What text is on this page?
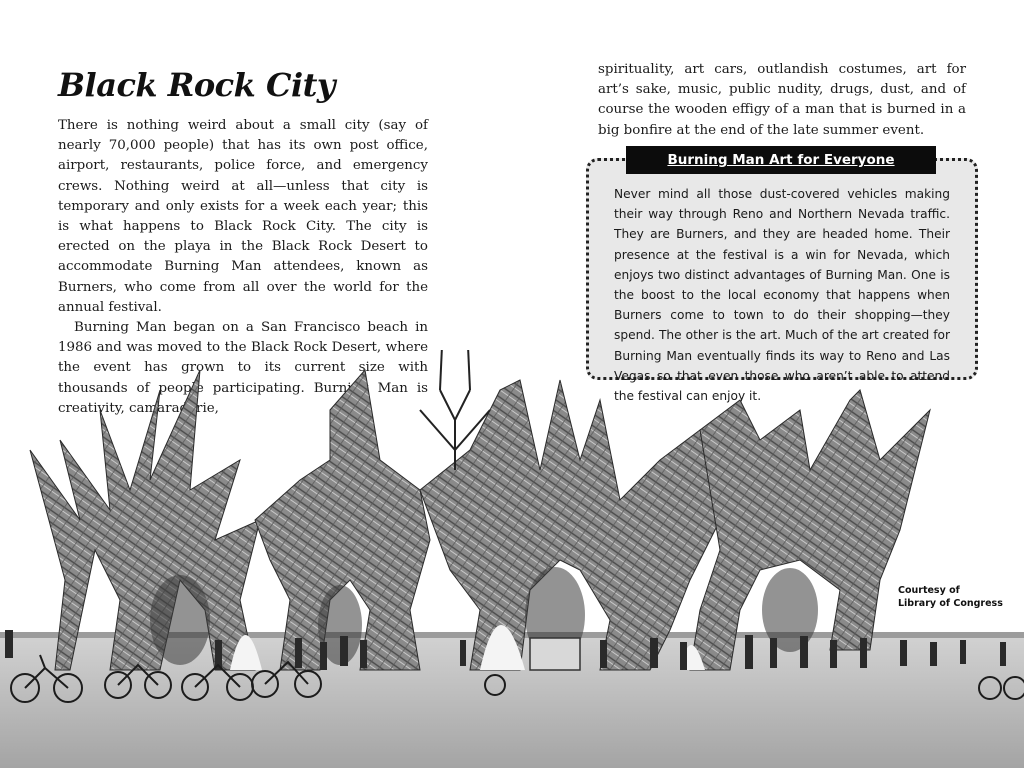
Black Rock City

There is nothing weird about a small city (say of nearly 70,000 people) that has its own post office, airport, restaurants, police force, and emergency crews. Nothing weird at all—unless that city is temporary and only exists for a week each year; this is what happens to Black Rock City. The city is erected on the playa in the Black Rock Desert to accommodate Burning Man attendees, known as Burners, who come from all over the world for the annual festival.

Burning Man began on a San Francisco beach in 1986 and was moved to the Black Rock Desert, where the event has grown to its current size with thousands of people participating. Burning Man is creativity, camaraderie,

spirituality, art cars, outlandish costumes, art for art’s sake, music, public nudity, drugs, dust, and of course the wooden effigy of a man that is burned in a big bonfire at the end of the late summer event.

Burning Man Art for Everyone

Never mind all those dust-covered vehicles making their way through Reno and Northern Nevada traffic. They are Burners, and they are headed home. Their presence at the festival is a win for Nevada, which enjoys two distinct advantages of Burning Man. One is the boost to the local economy that happens when Burners come to town to do their shopping—they spend. The other is the art. Much of the art created for Burning Man eventually finds its way to Reno and Las Vegas so that even those who aren’t able to attend the festival can enjoy it.

Courtesy of
Library of Congress
